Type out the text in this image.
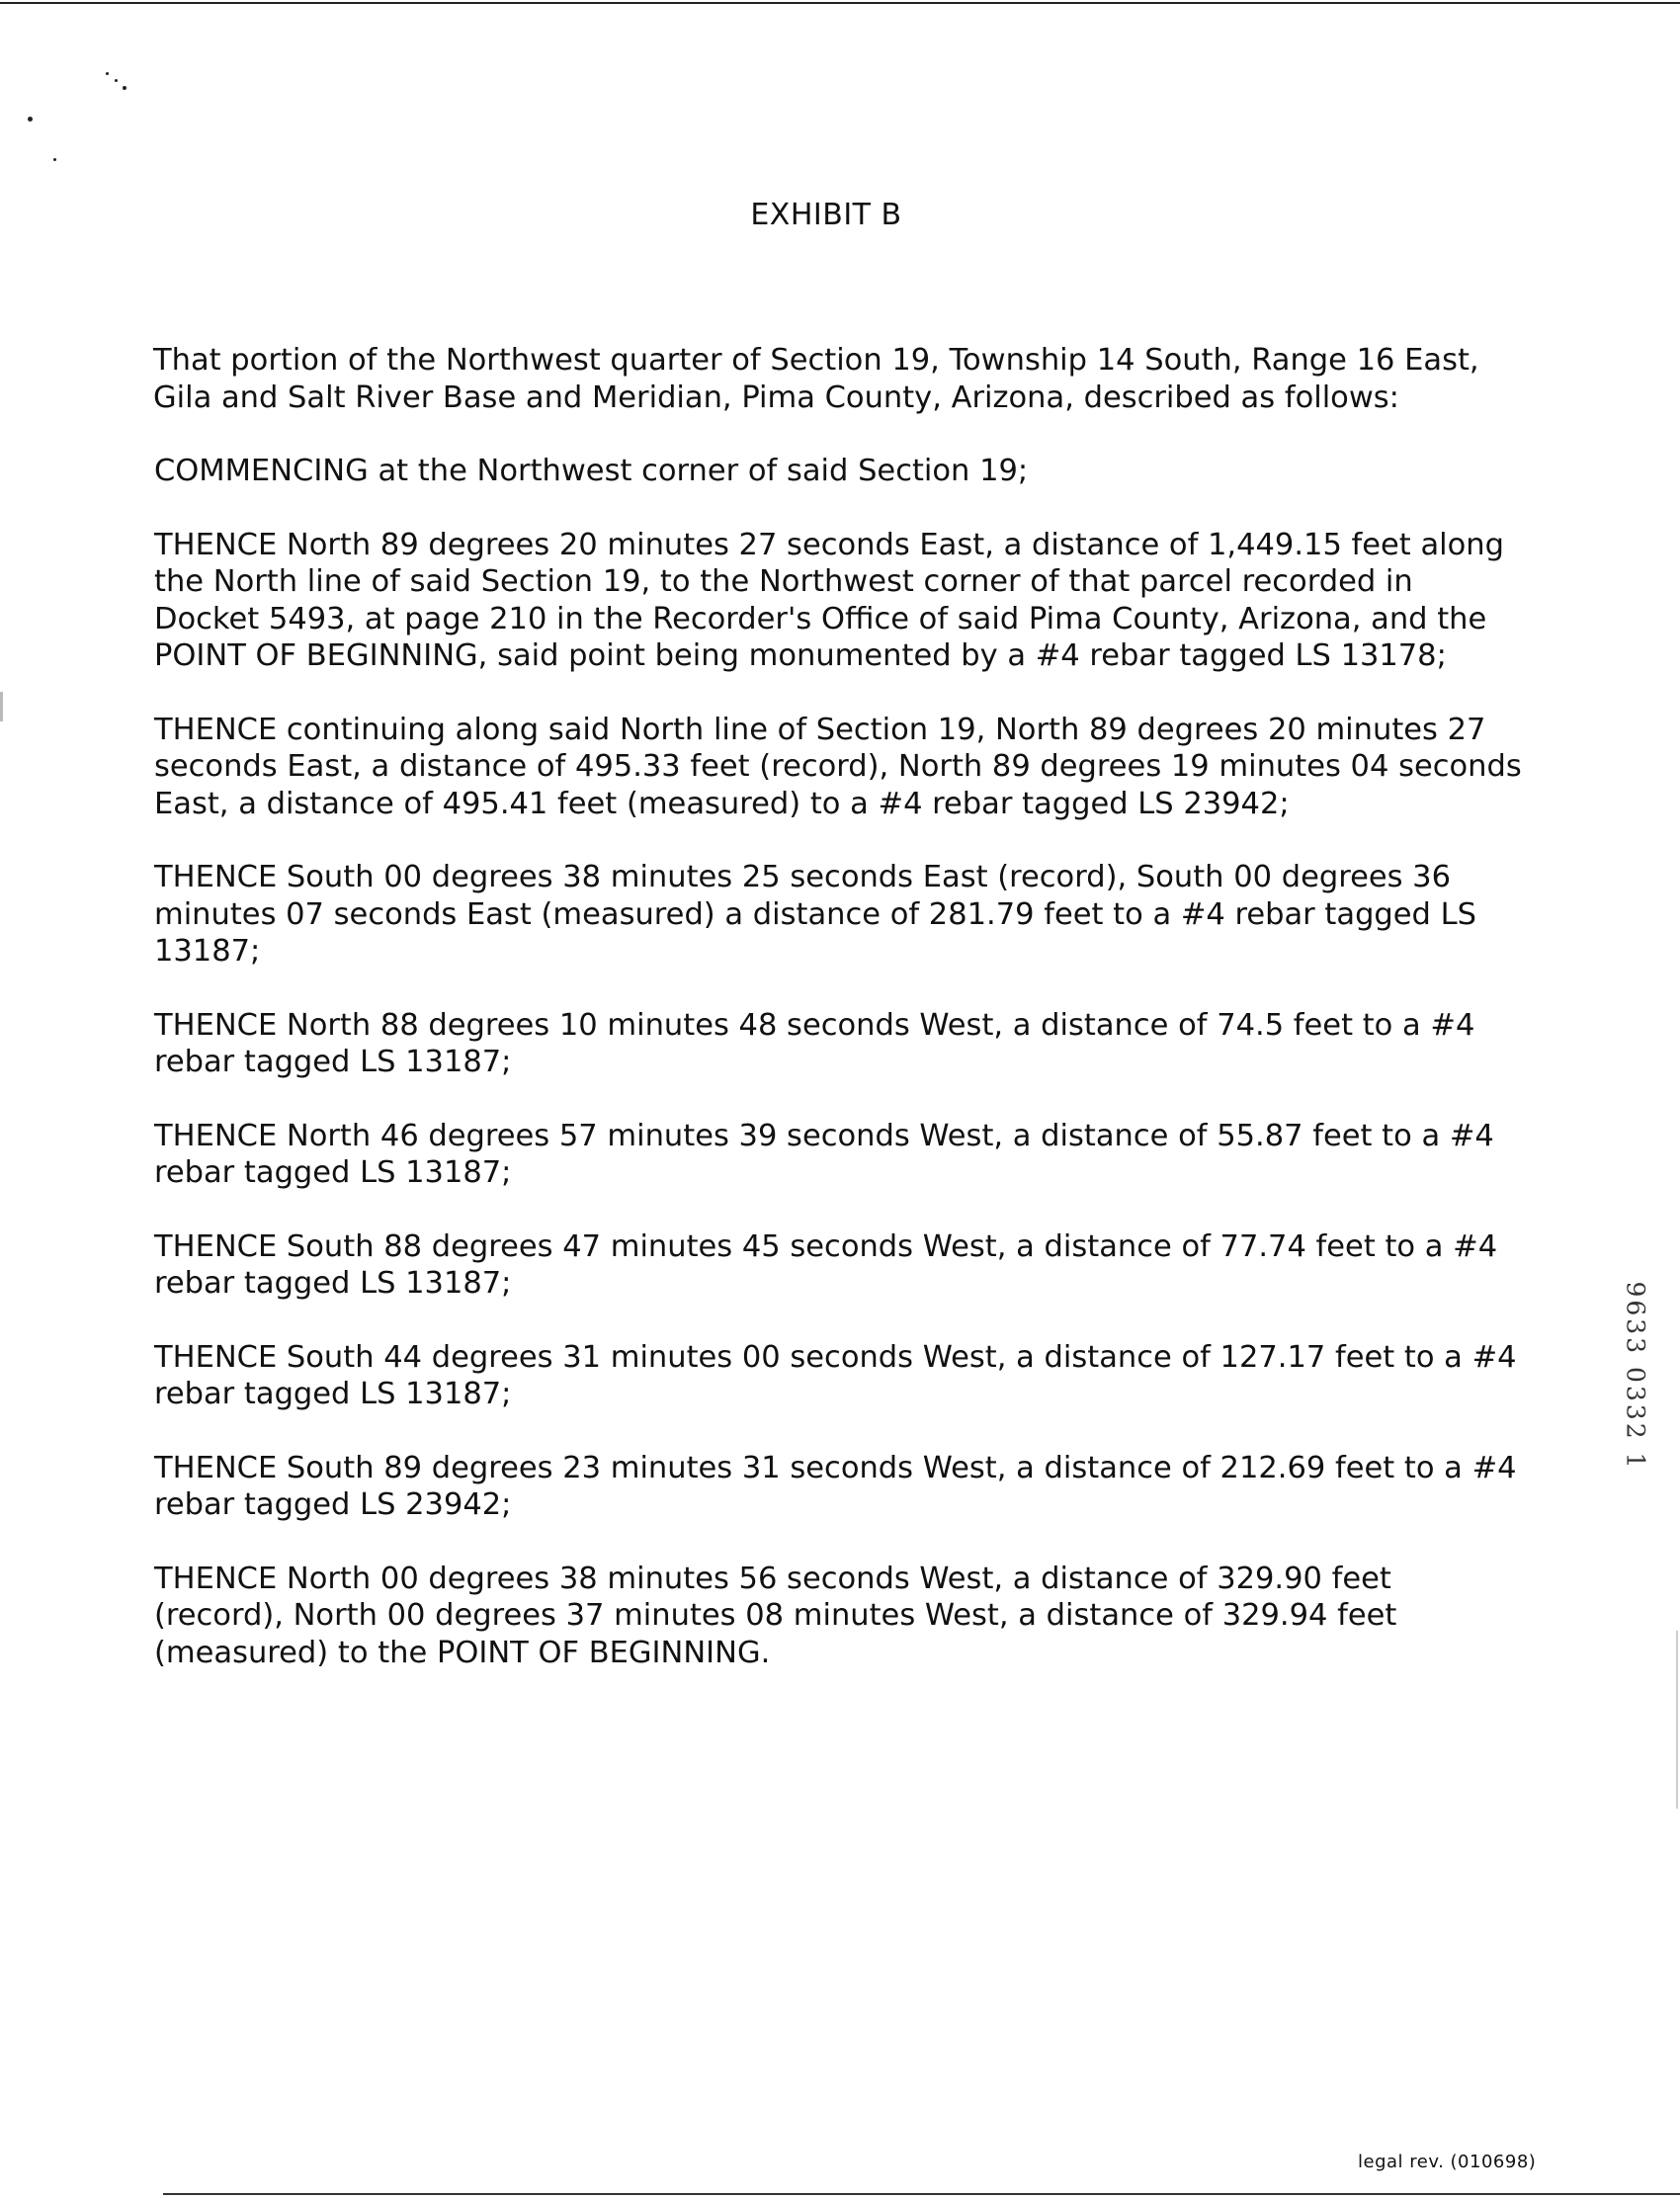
EXHIBIT B

That portion of the Northwest quarter of Section 19, Township 14 South, Range 16 East,
Gila and Salt River Base and Meridian, Pima County, Arizona, described as follows:

COMMENCING at the Northwest corner of said Section 19;

THENCE North 89 degrees 20 minutes 27 seconds East, a distance of 1,449.15 feet along
the North line of said Section 19, to the Northwest corner of that parcel recorded in
Docket 5493, at page 210 in the Recorder's Office of said Pima County, Arizona, and the
POINT OF BEGINNING, said point being monumented by a #4 rebar tagged LS 13178;

THENCE continuing along said North line of Section 19, North 89 degrees 20 minutes 27
seconds East, a distance of 495.33 feet (record), North 89 degrees 19 minutes 04 seconds
East, a distance of 495.41 feet (measured) to a #4 rebar tagged LS 23942;

THENCE South 00 degrees 38 minutes 25 seconds East (record), South 00 degrees 36
minutes 07 seconds East (measured) a distance of 281.79 feet to a #4 rebar tagged LS
13187;

THENCE North 88 degrees 10 minutes 48 seconds West, a distance of 74.5 feet to a #4
rebar tagged LS 13187;

THENCE North 46 degrees 57 minutes 39 seconds West, a distance of 55.87 feet to a #4
rebar tagged LS 13187;

THENCE South 88 degrees 47 minutes 45 seconds West, a distance of 77.74 feet to a #4
rebar tagged LS 13187;

THENCE South 44 degrees 31 minutes 00 seconds West, a distance of 127.17 feet to a #4
rebar tagged LS 13187;

THENCE South 89 degrees 23 minutes 31 seconds West, a distance of 212.69 feet to a #4
rebar tagged LS 23942;

THENCE North 00 degrees 38 minutes 56 seconds West, a distance of 329.90 feet
(record), North 00 degrees 37 minutes 08 minutes West, a distance of 329.94 feet
(measured) to the POINT OF BEGINNING.

9633 0332 1
legal rev. (010698)
